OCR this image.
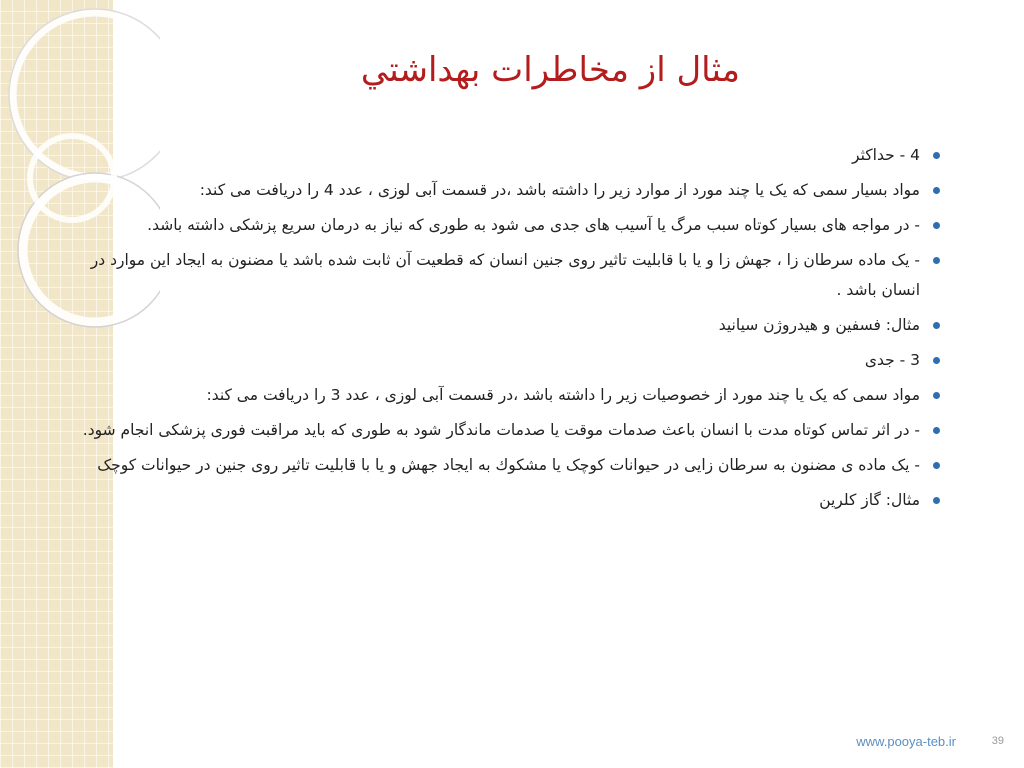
مثال از مخاطرات بهداشتي
4 - حداکثر
مواد بسیار سمی که یک یا چند مورد از موارد زیر را داشته باشد ،در قسمت آبی لوزی ، عدد 4 را دریافت می کند:
- در مواجه های بسیار کوتاه سبب مرگ یا آسیب های جدی می شود به طوری که نیاز به درمان سریع پزشکی داشته باشد.
- یک ماده سرطان زا ، جهش زا و یا با قابلیت تاثیر روی جنین انسان که قطعیت آن ثابت شده باشد یا مضنون به ایجاد این موارد در انسان باشد .
مثال: فسفین و هیدروژن سیانید
3 - جدی
مواد سمی که یک یا چند مورد از خصوصیات زیر را داشته باشد ،در قسمت آبی لوزی ، عدد 3 را دریافت می کند:
- در اثر تماس کوتاه مدت با انسان باعث صدمات موقت یا صدمات ماندگار شود به طوری که باید مراقبت فوری پزشکی انجام شود.
- یک ماده ی مضنون به سرطان زایی در حیوانات کوچک یا مشکوك به ایجاد جهش و یا با قابلیت تاثیر روی جنین در حیوانات کوچک
مثال: گاز کلرین
www.pooya-teb.ir	39
